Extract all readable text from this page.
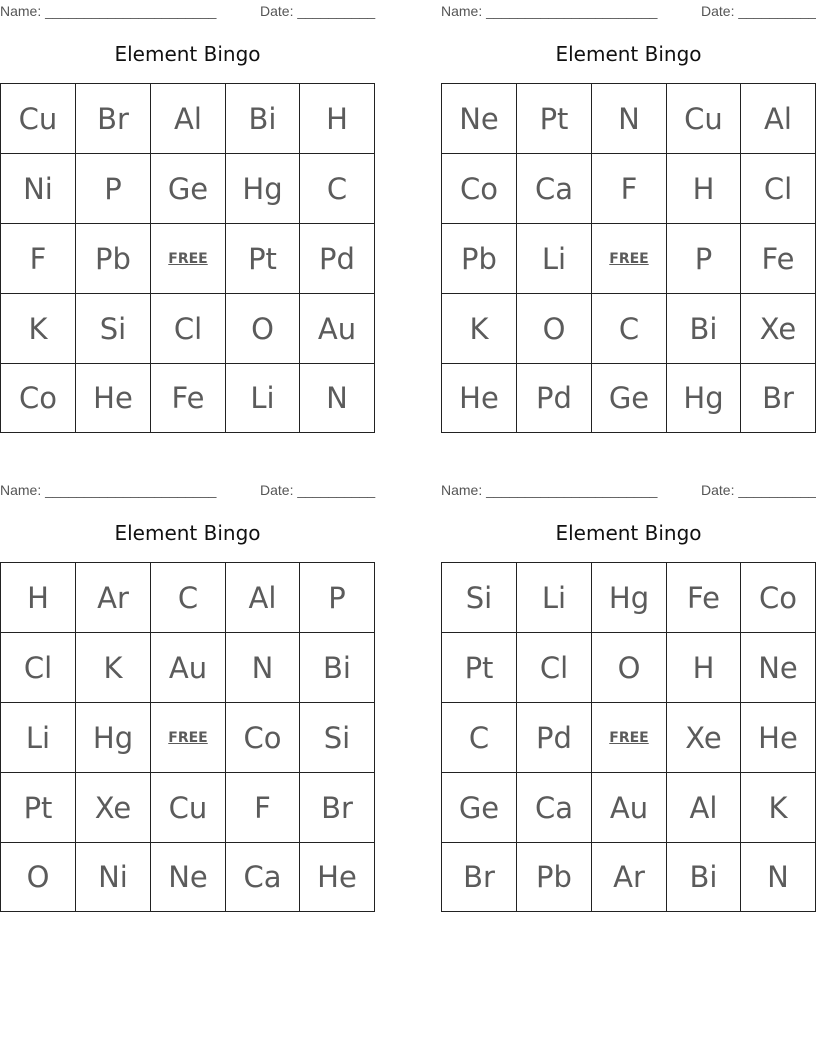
Name: ______________________	Date: __________
Element Bingo
Cu	Br	Al	Bi	H
Ni	P	Ge	Hg	C
F	Pb	FREE	Pt	Pd
K	Si	Cl	O	Au
Co	He	Fe	Li	N
Name: ______________________	Date: __________
Element Bingo
Ne	Pt	N	Cu	Al
Co	Ca	F	H	Cl
Pb	Li	FREE	P	Fe
K	O	C	Bi	Xe
He	Pd	Ge	Hg	Br
Name: ______________________	Date: __________
Element Bingo
H	Ar	C	Al	P
Cl	K	Au	N	Bi
Li	Hg	FREE	Co	Si
Pt	Xe	Cu	F	Br
O	Ni	Ne	Ca	He
Name: ______________________	Date: __________
Element Bingo
Si	Li	Hg	Fe	Co
Pt	Cl	O	H	Ne
C	Pd	FREE	Xe	He
Ge	Ca	Au	Al	K
Br	Pb	Ar	Bi	N
